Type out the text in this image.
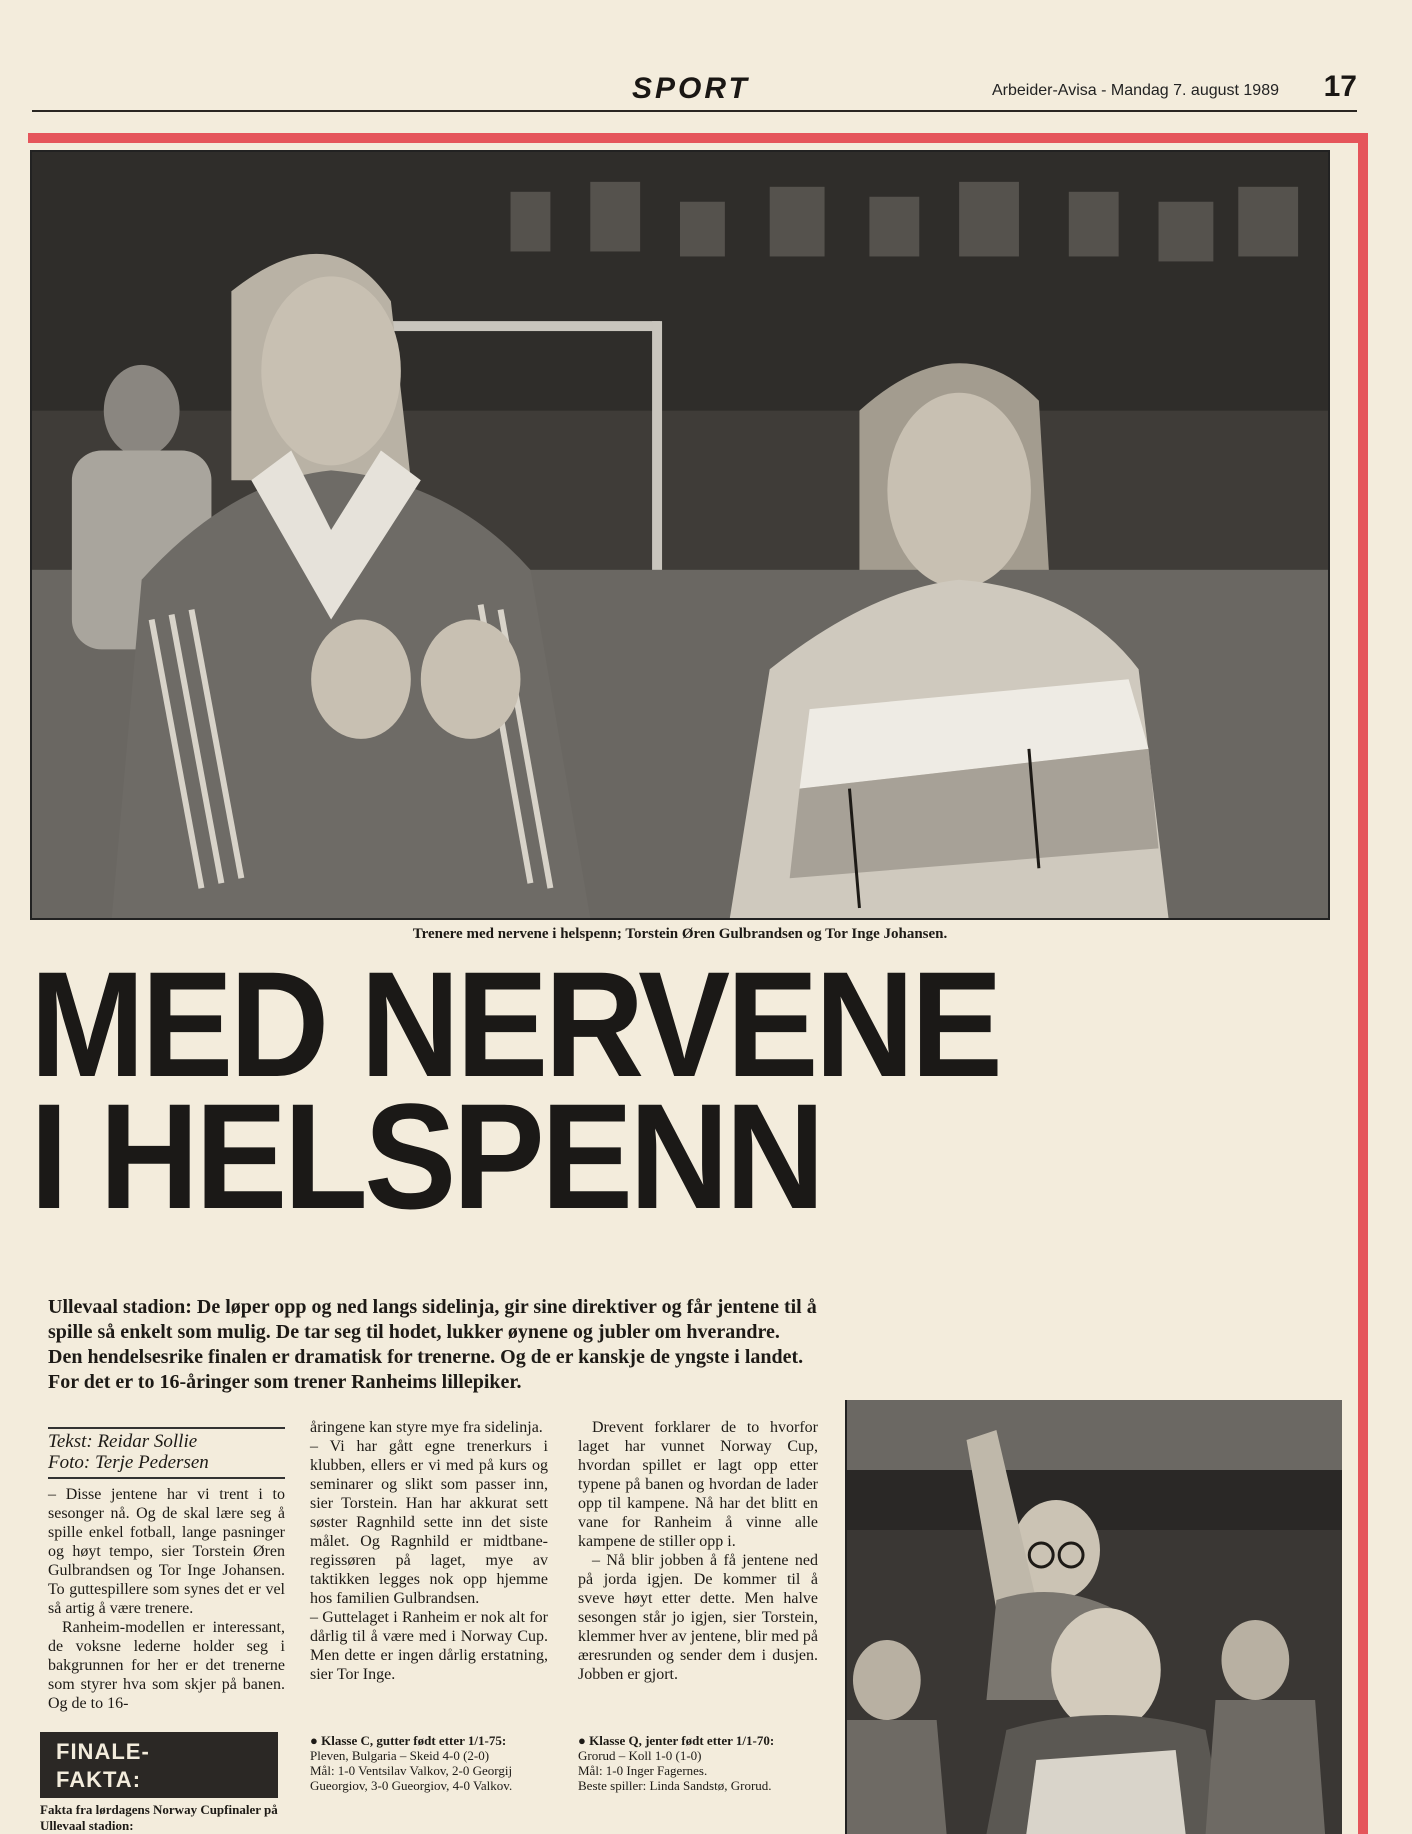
SPORT	Arbeider-Avisa - Mandag 7. august 1989 17
Trenere med nervene i helspenn; Torstein Øren Gulbrandsen og Tor Inge Johansen.
MED NERVENE
I HELSPENN
Ullevaal stadion: De løper opp og ned langs sidelinja, gir sine direktiver og får jentene til å spille så enkelt som mulig. De tar seg til hodet, lukker øynene og jubler om hverandre. Den hendelsesrike finalen er dramatisk for trenerne. Og de er kanskje de yngste i landet. For det er to 16-åringer som trener Ranheims lillepiker.
Tekst: Reidar Sollie
Foto: Terje Pedersen

– Disse jentene har vi trent i to sesonger nå. Og de skal lære seg å spille enkel fotball, lange pasninger og høyt tempo, sier Torstein Øren Gulbrandsen og Tor Inge Johansen. To guttespillere som synes det er vel så artig å være trenere.

Ranheim-modellen er interessant, de voksne lederne holder seg i bakgrunnen for her er det trenerne som styrer hva som skjer på banen. Og de to 16-

åringene kan styre mye fra sidelinja.

– Vi har gått egne trenerkurs i klubben, ellers er vi med på kurs og seminarer og slikt som passer inn, sier Torstein. Han har akkurat sett søster Ragnhild sette inn det siste målet. Og Ragnhild er midtbane-regissøren på laget, mye av taktikken legges nok opp hjemme hos familien Gulbrandsen.

– Guttelaget i Ranheim er nok alt for dårlig til å være med i Norway Cup. Men dette er ingen dårlig erstatning, sier Tor Inge.

Drevent forklarer de to hvorfor laget har vunnet Norway Cup, hvordan spillet er lagt opp etter typene på banen og hvordan de lader opp til kampene. Nå har det blitt en vane for Ranheim å vinne alle kampene de stiller opp i.

– Nå blir jobben å få jentene ned på jorda igjen. De kommer til å sveve høyt etter dette. Men halve sesongen står jo igjen, sier Torstein, klemmer hver av jentene, blir med på æresrunden og sender dem i dusjen. Jobben er gjort.

FINALE-
FAKTA:
Fakta fra lørdagens Norway Cupfinaler på Ullevaal stadion:
● Klasse C, gutter født etter 1/1-75:
Pleven, Bulgaria – Skeid 4-0 (2-0)
Mål: 1-0 Ventsilav Valkov, 2-0 Georgij Gueorgiov, 3-0 Gueorgiov, 4-0 Valkov.
● Klasse Q, jenter født etter 1/1-70:
Grorud – Koll 1-0 (1-0)
Mål: 1-0 Inger Fagernes.
Beste spiller: Linda Sandstø, Grorud.
